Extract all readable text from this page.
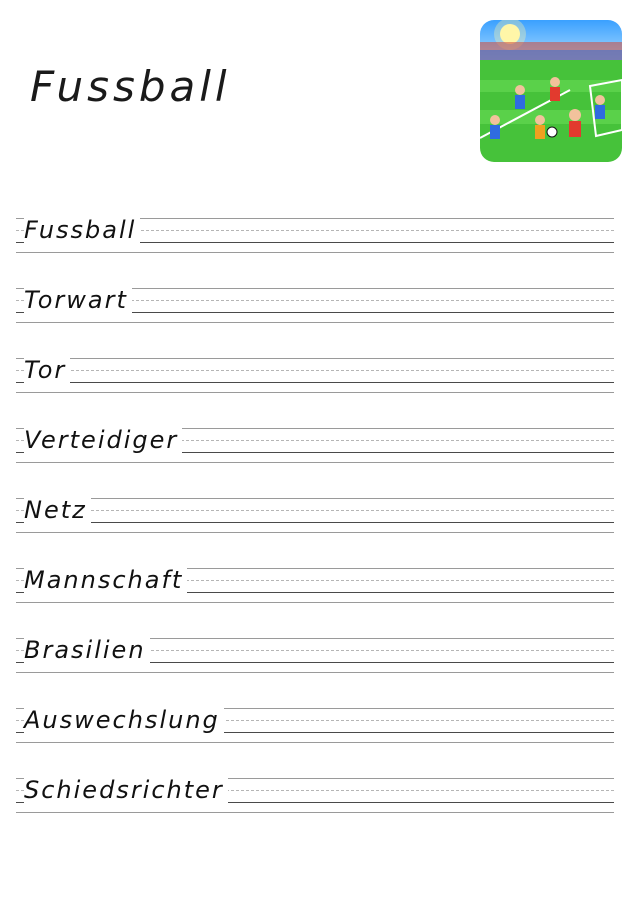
Fussball
Fussball
Torwart
Tor
Verteidiger
Netz
Mannschaft
Brasilien
Auswechslung
Schiedsrichter
